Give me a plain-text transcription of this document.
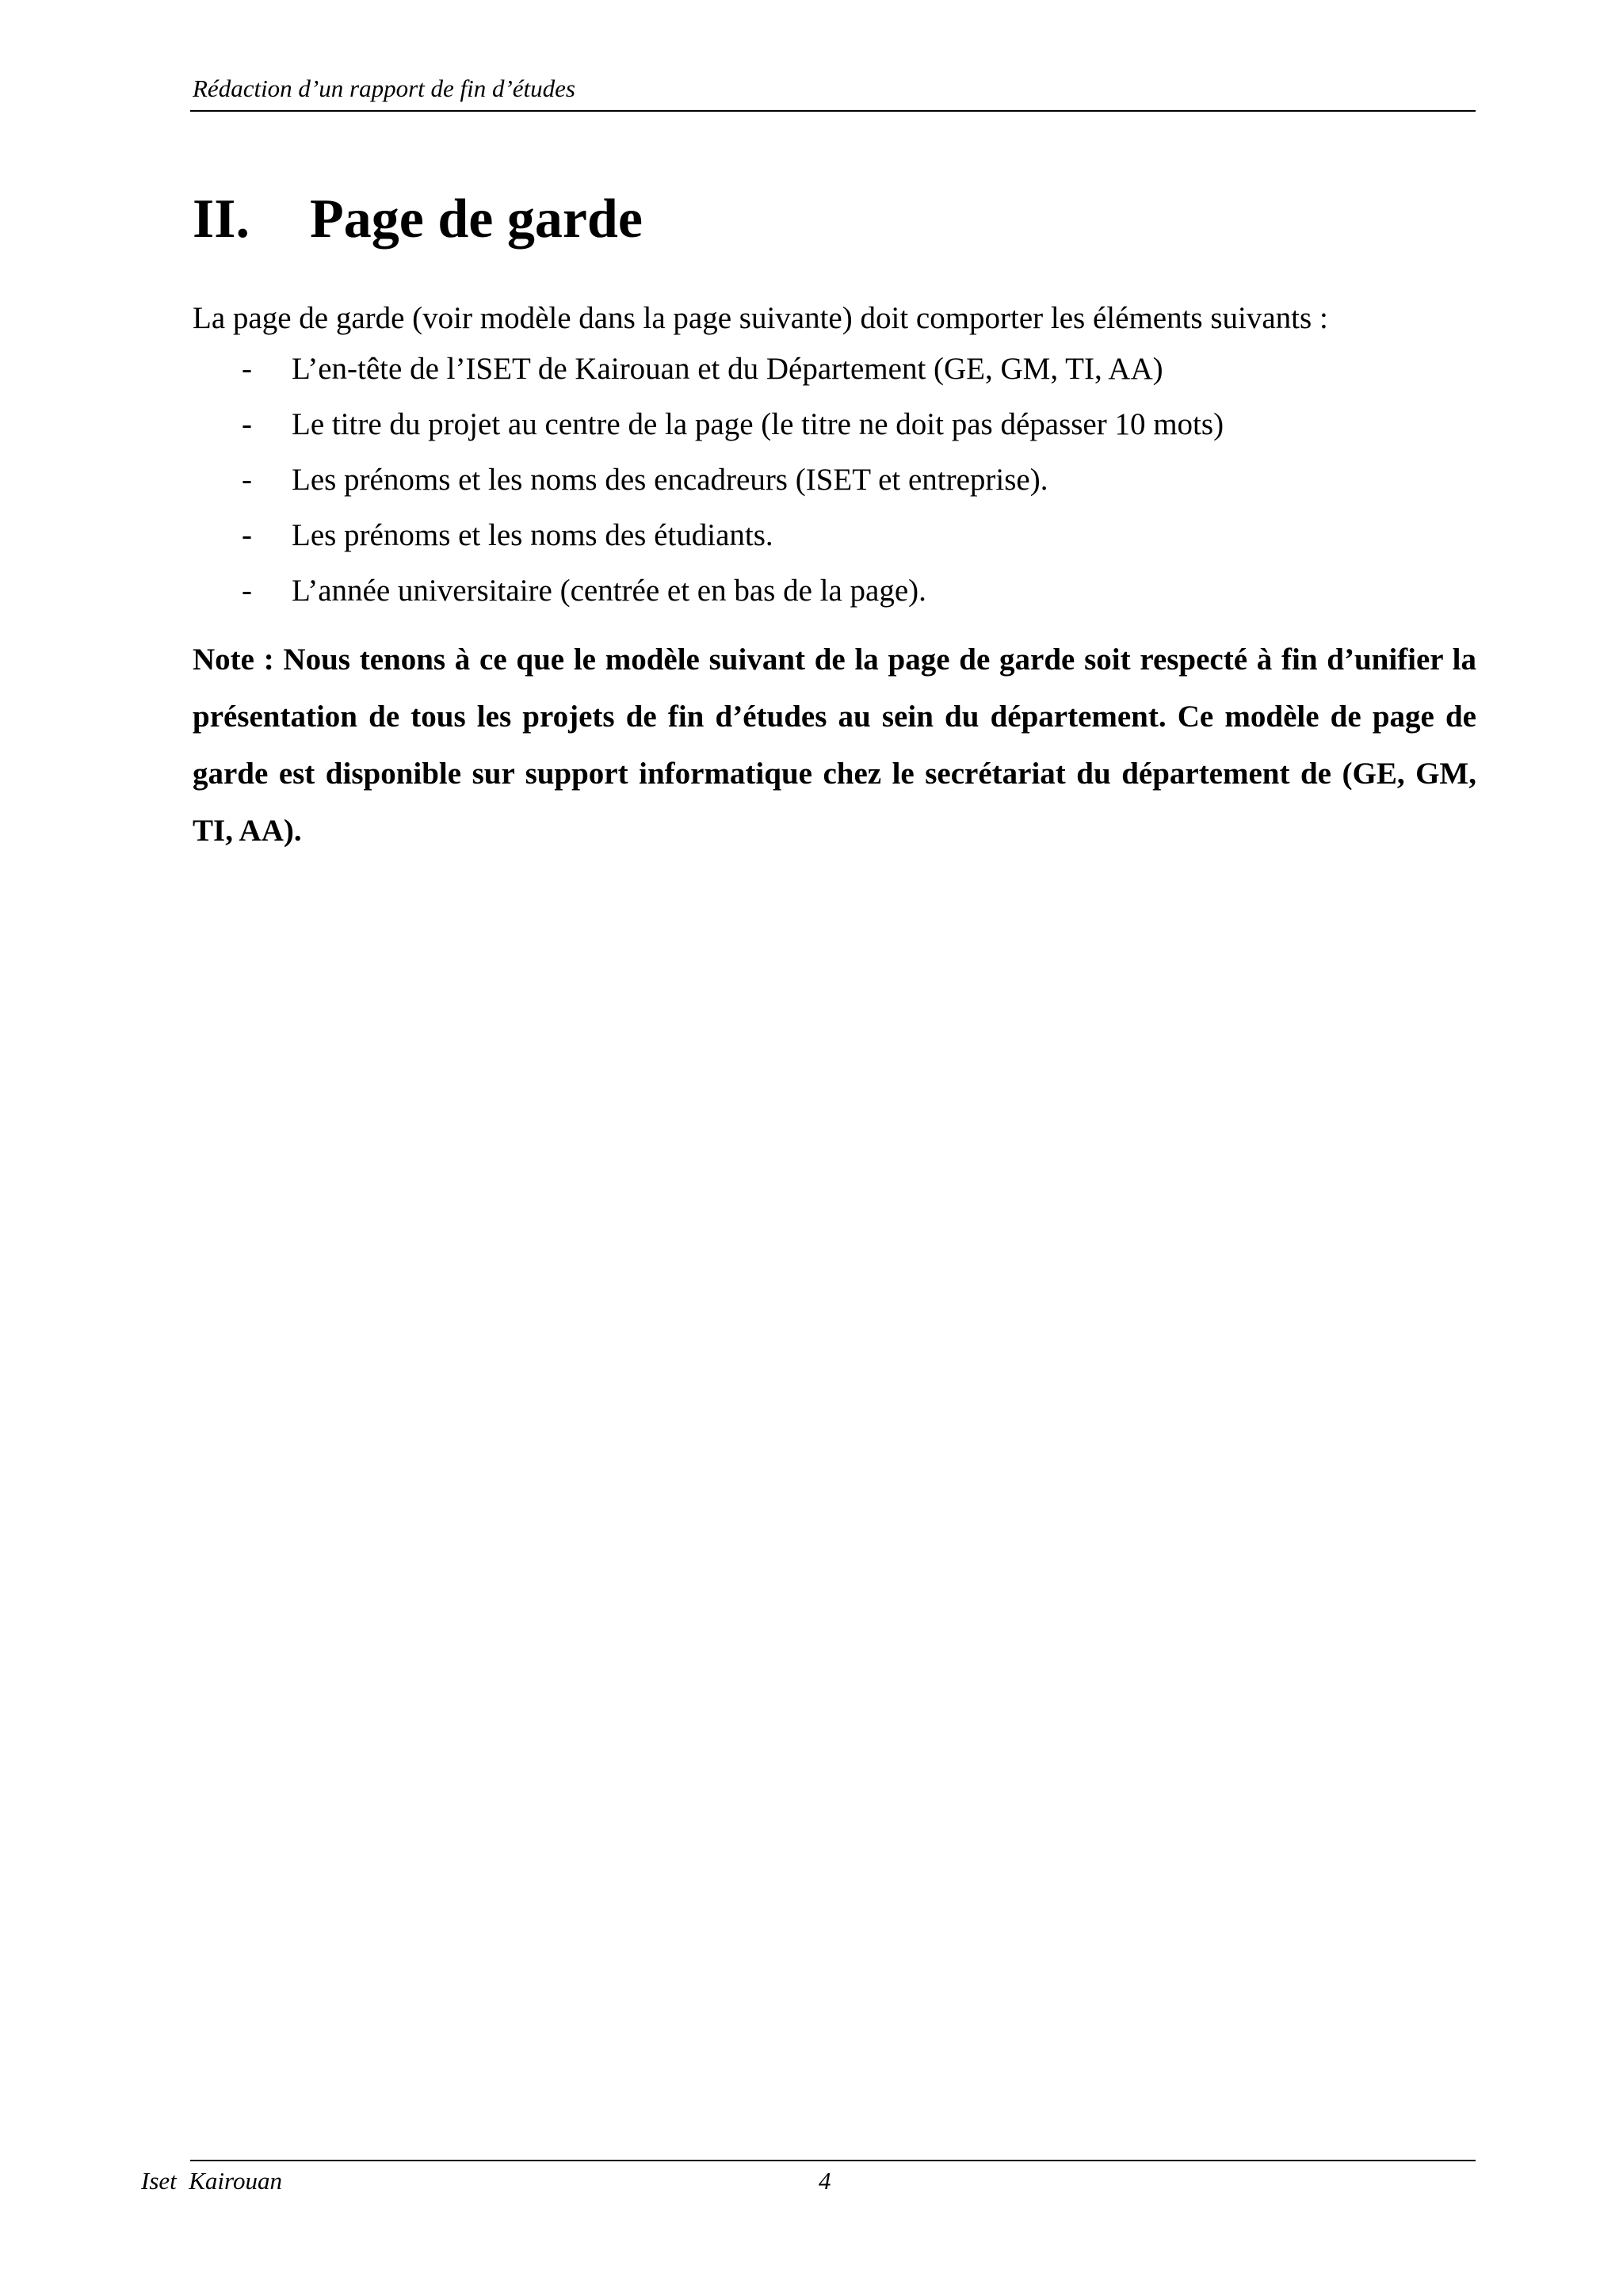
Rédaction d’un rapport de fin d’études
II. Page de garde
La page de garde (voir modèle dans la page suivante) doit comporter les éléments suivants :
- L’en-tête de l’ISET de Kairouan et du Département (GE, GM, TI, AA)
- Le titre du projet au centre de la page (le titre ne doit pas dépasser 10 mots)
- Les prénoms et les noms des encadreurs (ISET et entreprise).
- Les prénoms et les noms des étudiants.
- L’année universitaire (centrée et en bas de la page).

Note : Nous tenons à ce que le modèle suivant de la page de garde soit respecté à fin d’unifier la présentation de tous les projets de fin d’études au sein du département. Ce modèle de page de garde est disponible sur support informatique chez le secrétariat du département de (GE, GM, TI, AA).

Iset  Kairouan	4
